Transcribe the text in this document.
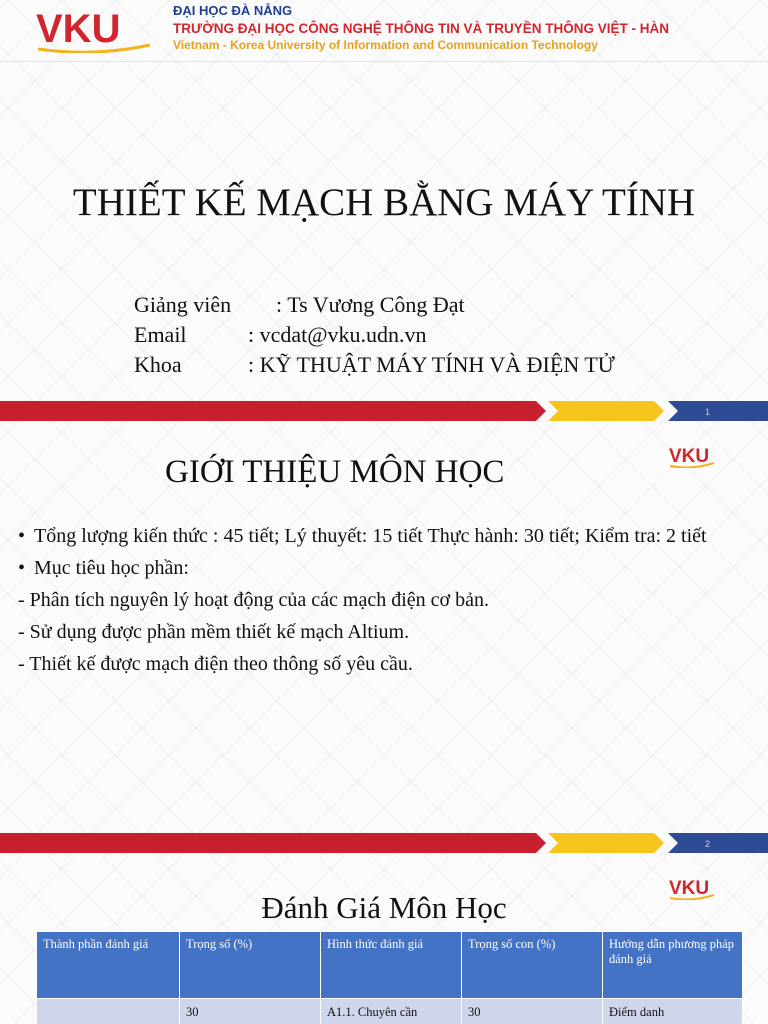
VKU	ĐẠI HỌC ĐÀ NẴNG
TRƯỜNG ĐẠI HỌC CÔNG NGHỆ THÔNG TIN VÀ TRUYỀN THÔNG VIỆT - HÀN
Vietnam - Korea University of Information and Communication Technology
THIẾT KẾ MẠCH BẰNG MÁY TÍNH
Giảng viên : Ts Vương Công Đạt
Email	: vcdat@vku.udn.vn
Khoa	: KỸ THUẬT MÁY TÍNH VÀ ĐIỆN TỬ
1
VKU
GIỚI THIỆU MÔN HỌC
• Tổng lượng kiến thức : 45 tiết; Lý thuyết: 15 tiết Thực hành: 30 tiết; Kiểm tra: 2 tiết
• Mục tiêu học phần:
- Phân tích nguyên lý hoạt động của các mạch điện cơ bản.
- Sử dụng được phần mềm thiết kế mạch Altium.
- Thiết kế được mạch điện theo thông số yêu cầu.
2
VKU
Đánh Giá Môn Học
Thành phần đánh giá	Trọng số (%)	Hình thức đánh giá	Trọng số con (%)	Hướng dẫn phương pháp đánh giá
	30	A1.1. Chuyên cần	30	Điểm danh
